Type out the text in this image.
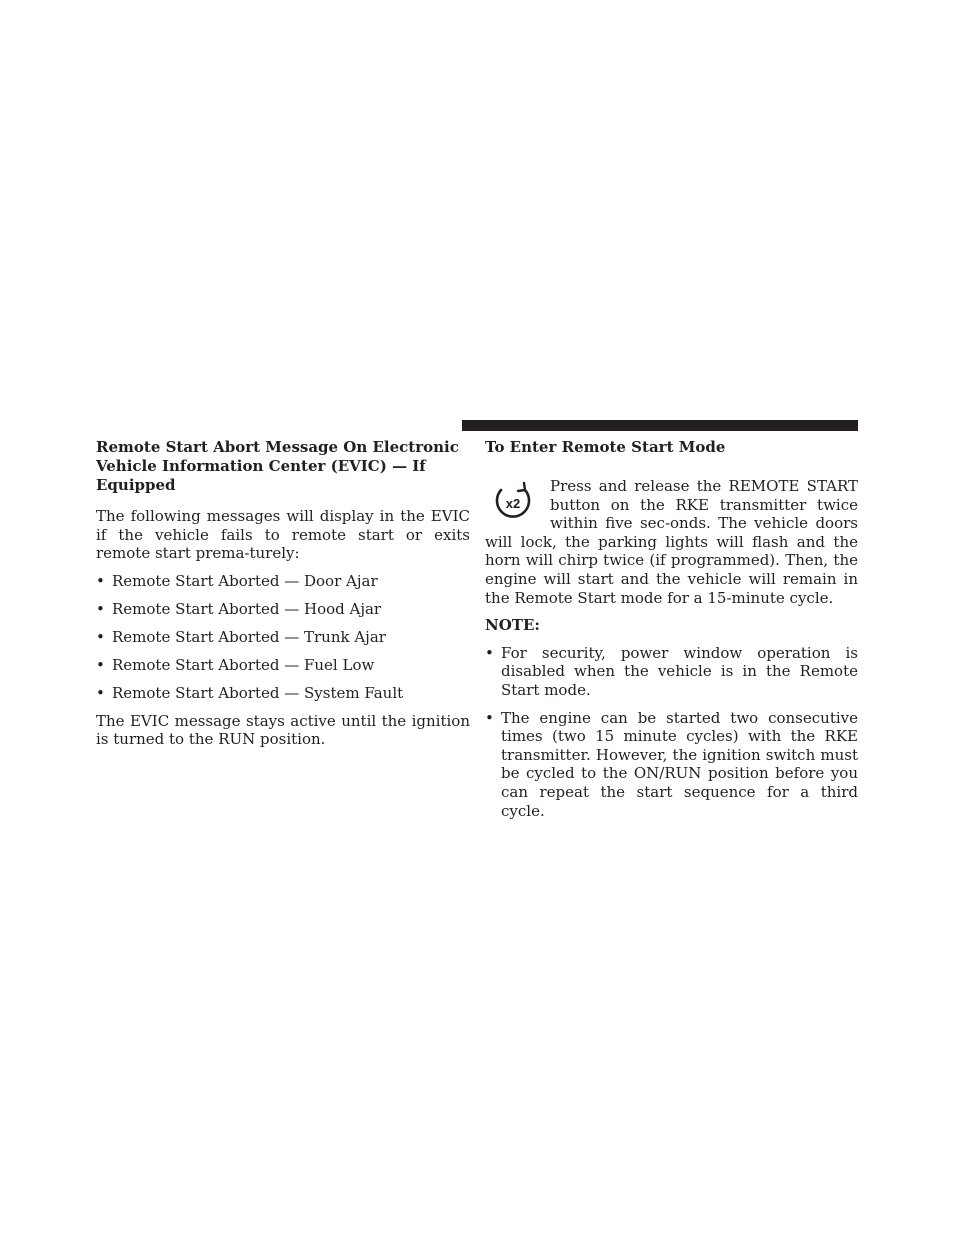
Remote Start Abort Message On Electronic Vehicle Information Center (EVIC) — If Equipped

The following messages will display in the EVIC if the vehicle fails to remote start or exits remote start prema-turely:

• Remote Start Aborted — Door Ajar
• Remote Start Aborted — Hood Ajar
• Remote Start Aborted — Trunk Ajar
• Remote Start Aborted — Fuel Low
• Remote Start Aborted — System Fault

The EVIC message stays active until the ignition is turned to the RUN position.

To Enter Remote Start Mode
x2

Press and release the REMOTE START button on the RKE transmitter twice within five sec-onds. The vehicle doors will lock, the parking lights will flash and the horn will chirp twice (if programmed). Then, the engine will start and the vehicle will remain in the Remote Start mode for a 15-minute cycle.

NOTE:

• For security, power window operation is disabled when the vehicle is in the Remote Start mode.
• The engine can be started two consecutive times (two 15 minute cycles) with the RKE transmitter. However, the ignition switch must be cycled to the ON/RUN position before you can repeat the start sequence for a third cycle.
